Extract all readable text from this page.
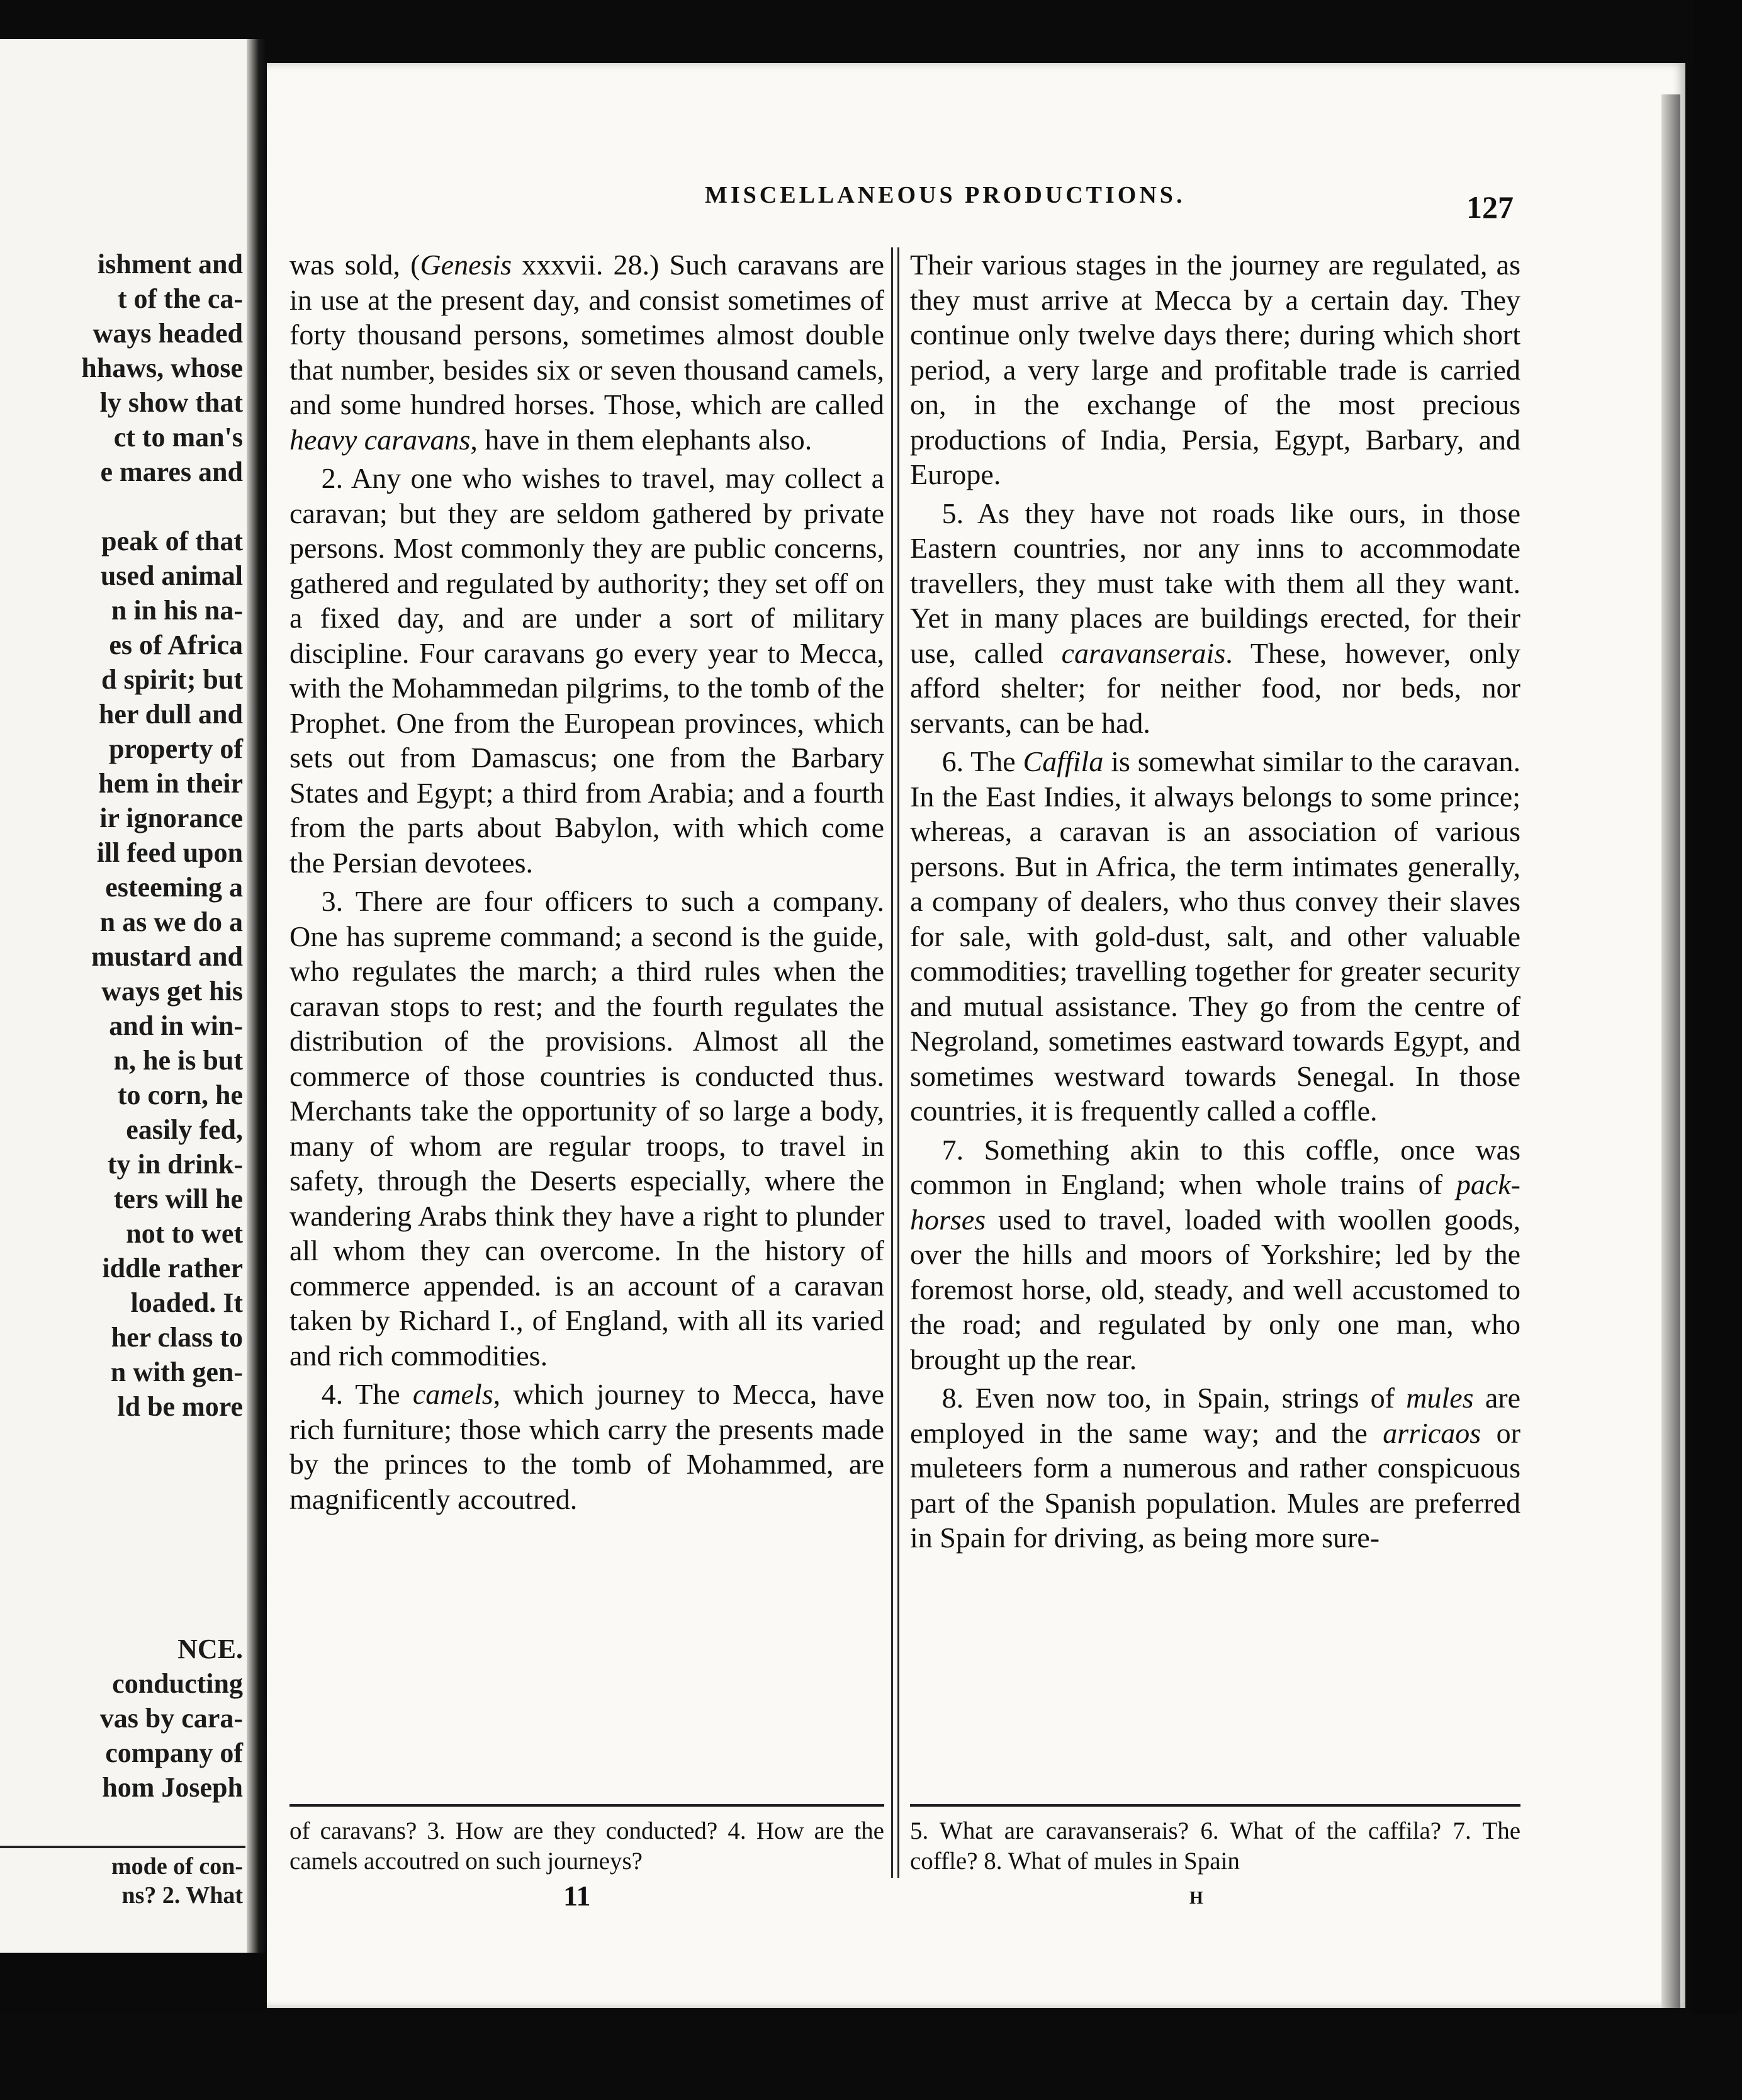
ishment and
t of the ca-
ways headed
hhaws, whose
ly show that
ct to man's
e mares and
peak of that
used animal
n in his na-
es of Africa
d spirit; but
her dull and
property of
hem in their
ir ignorance
ill feed upon
esteeming a
n as we do a
mustard and
ways get his
and in win-
n, he is but
to corn, he
easily fed,
ty in drink-
ters will he
not to wet
iddle rather
loaded. It
her class to
n with gen-
ld be more
NCE.
conducting
vas by cara-
company of
hom Joseph
mode of con-
ns? 2. What
MISCELLANEOUS PRODUCTIONS.	127

was sold, (Genesis xxxvii. 28.) Such caravans are in use at the present day, and consist sometimes of forty thousand persons, sometimes almost double that number, besides six or seven thousand camels, and some hundred horses. Those, which are called heavy caravans, have in them elephants also.

2. Any one who wishes to travel, may collect a caravan; but they are seldom gathered by private persons. Most commonly they are public concerns, gathered and regulated by authority; they set off on a fixed day, and are under a sort of military discipline. Four caravans go every year to Mecca, with the Mohammedan pilgrims, to the tomb of the Prophet. One from the European provinces, which sets out from Damascus; one from the Barbary States and Egypt; a third from Arabia; and a fourth from the parts about Babylon, with which come the Persian devotees.

3. There are four officers to such a company. One has supreme command; a second is the guide, who regulates the march; a third rules when the caravan stops to rest; and the fourth regulates the distribution of the provisions. Almost all the commerce of those countries is conducted thus. Merchants take the opportunity of so large a body, many of whom are regular troops, to travel in safety, through the Deserts especially, where the wandering Arabs think they have a right to plunder all whom they can overcome. In the history of commerce appended. is an account of a caravan taken by Richard I., of England, with all its varied and rich commodities.

4. The camels, which journey to Mecca, have rich furniture; those which carry the presents made by the princes to the tomb of Mohammed, are magnificently accoutred.

Their various stages in the journey are regulated, as they must arrive at Mecca by a certain day. They continue only twelve days there; during which short period, a very large and profitable trade is carried on, in the exchange of the most precious productions of India, Persia, Egypt, Barbary, and Europe.

5. As they have not roads like ours, in those Eastern countries, nor any inns to accommodate travellers, they must take with them all they want. Yet in many places are buildings erected, for their use, called caravanserais. These, however, only afford shelter; for neither food, nor beds, nor servants, can be had.

6. The Caffila is somewhat similar to the caravan. In the East Indies, it always belongs to some prince; whereas, a caravan is an association of various persons. But in Africa, the term intimates generally, a company of dealers, who thus convey their slaves for sale, with gold-dust, salt, and other valuable commodities; travelling together for greater security and mutual assistance. They go from the centre of Negroland, sometimes eastward towards Egypt, and sometimes westward towards Senegal. In those countries, it is frequently called a coffle.

7. Something akin to this coffle, once was common in England; when whole trains of pack-horses used to travel, loaded with woollen goods, over the hills and moors of Yorkshire; led by the foremost horse, old, steady, and well accustomed to the road; and regulated by only one man, who brought up the rear.

8. Even now too, in Spain, strings of mules are employed in the same way; and the arricaos or muleteers form a numerous and rather conspicuous part of the Spanish population. Mules are preferred in Spain for driving, as being more sure-

of caravans? 3. How are they conducted? 4. How are the camels accoutred on such journeys?
5. What are caravanserais? 6. What of the caffila? 7. The coffle? 8. What of mules in Spain
11	H
